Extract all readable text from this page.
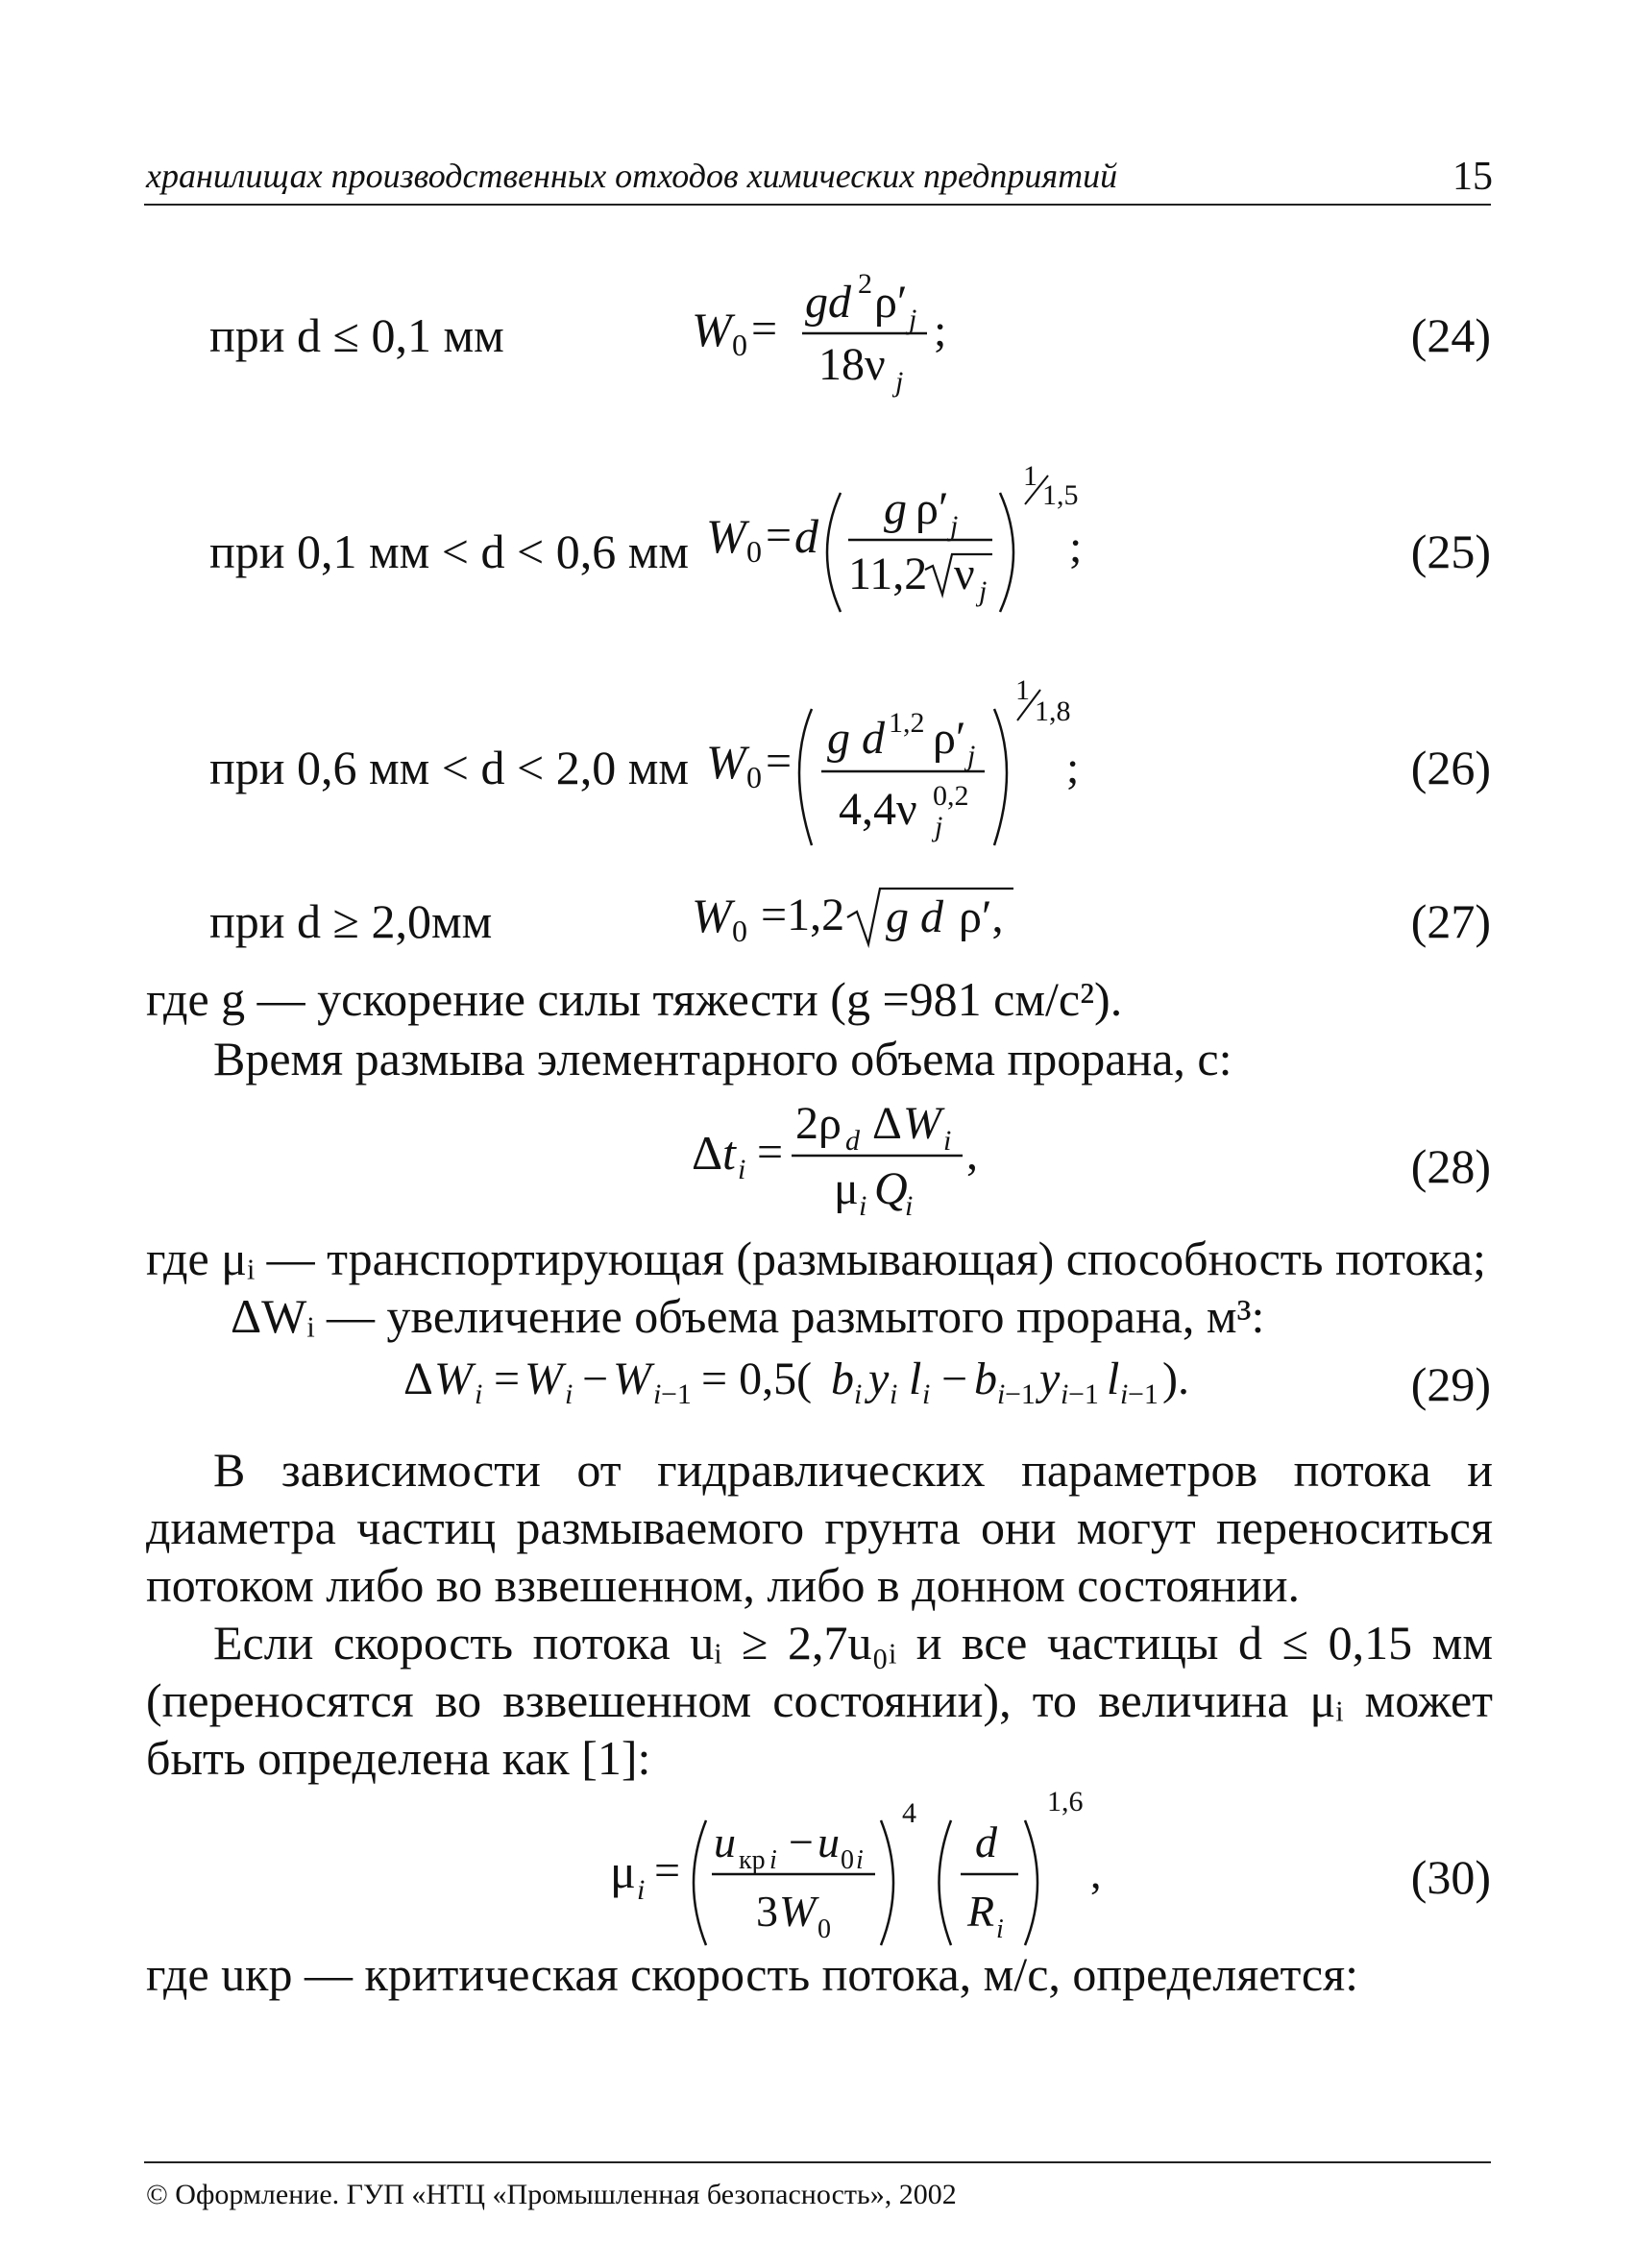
хранилищах производственных отходов химических предприятий	15
при d ≤ 0,1 мм	W 0 =
gd 2 ρ′ j
18ν j
;	(24)
при 0,1 мм < d < 0,6 мм W 0 = d
g ρ′ j
11,2 ν j
1
1,5
;	(25)
при 0,6 мм < d < 2,0 мм W 0 = g d 1,2 ρ′ j
4,4ν 0,2
j
1
1,8
;	(26)
при d ≥ 2,0мм	W 0 =1,2 g d ρ′,	(27)
где g — ускорение силы тяжести (g =981 см/с²).
Время размыва элементарного объема прорана, с:
Δ t i =
2ρ d Δ W i
μ i Q
i
,	(28)
где μᵢ — транспортирующая (размывающая) способность потока;
ΔWᵢ — увеличение объема размытого прорана, м³:
Δ W i = W i − W i −1 = 0,5( b i y i l i − b i −1 y i −1 l i −1 ).	(29)
В зависимости от гидравлических параметров потока и диаметра частиц размываемого грунта они могут переноситься потоком либо во взвешенном, либо в донном состоянии.
Если скорость потока uᵢ ≥ 2,7u₀ᵢ и все частицы d ≤ 0,15 мм (переносятся во взвешенном состоянии), то величина μᵢ может быть определена как [1]:
μ i =
u кр i − u 0 i
3 W 0
4
d
R i
1,6
,	(30)
где uкр — критическая скорость потока, м/с, определяется:
© Оформление. ГУП «НТЦ «Промышленная безопасность», 2002
